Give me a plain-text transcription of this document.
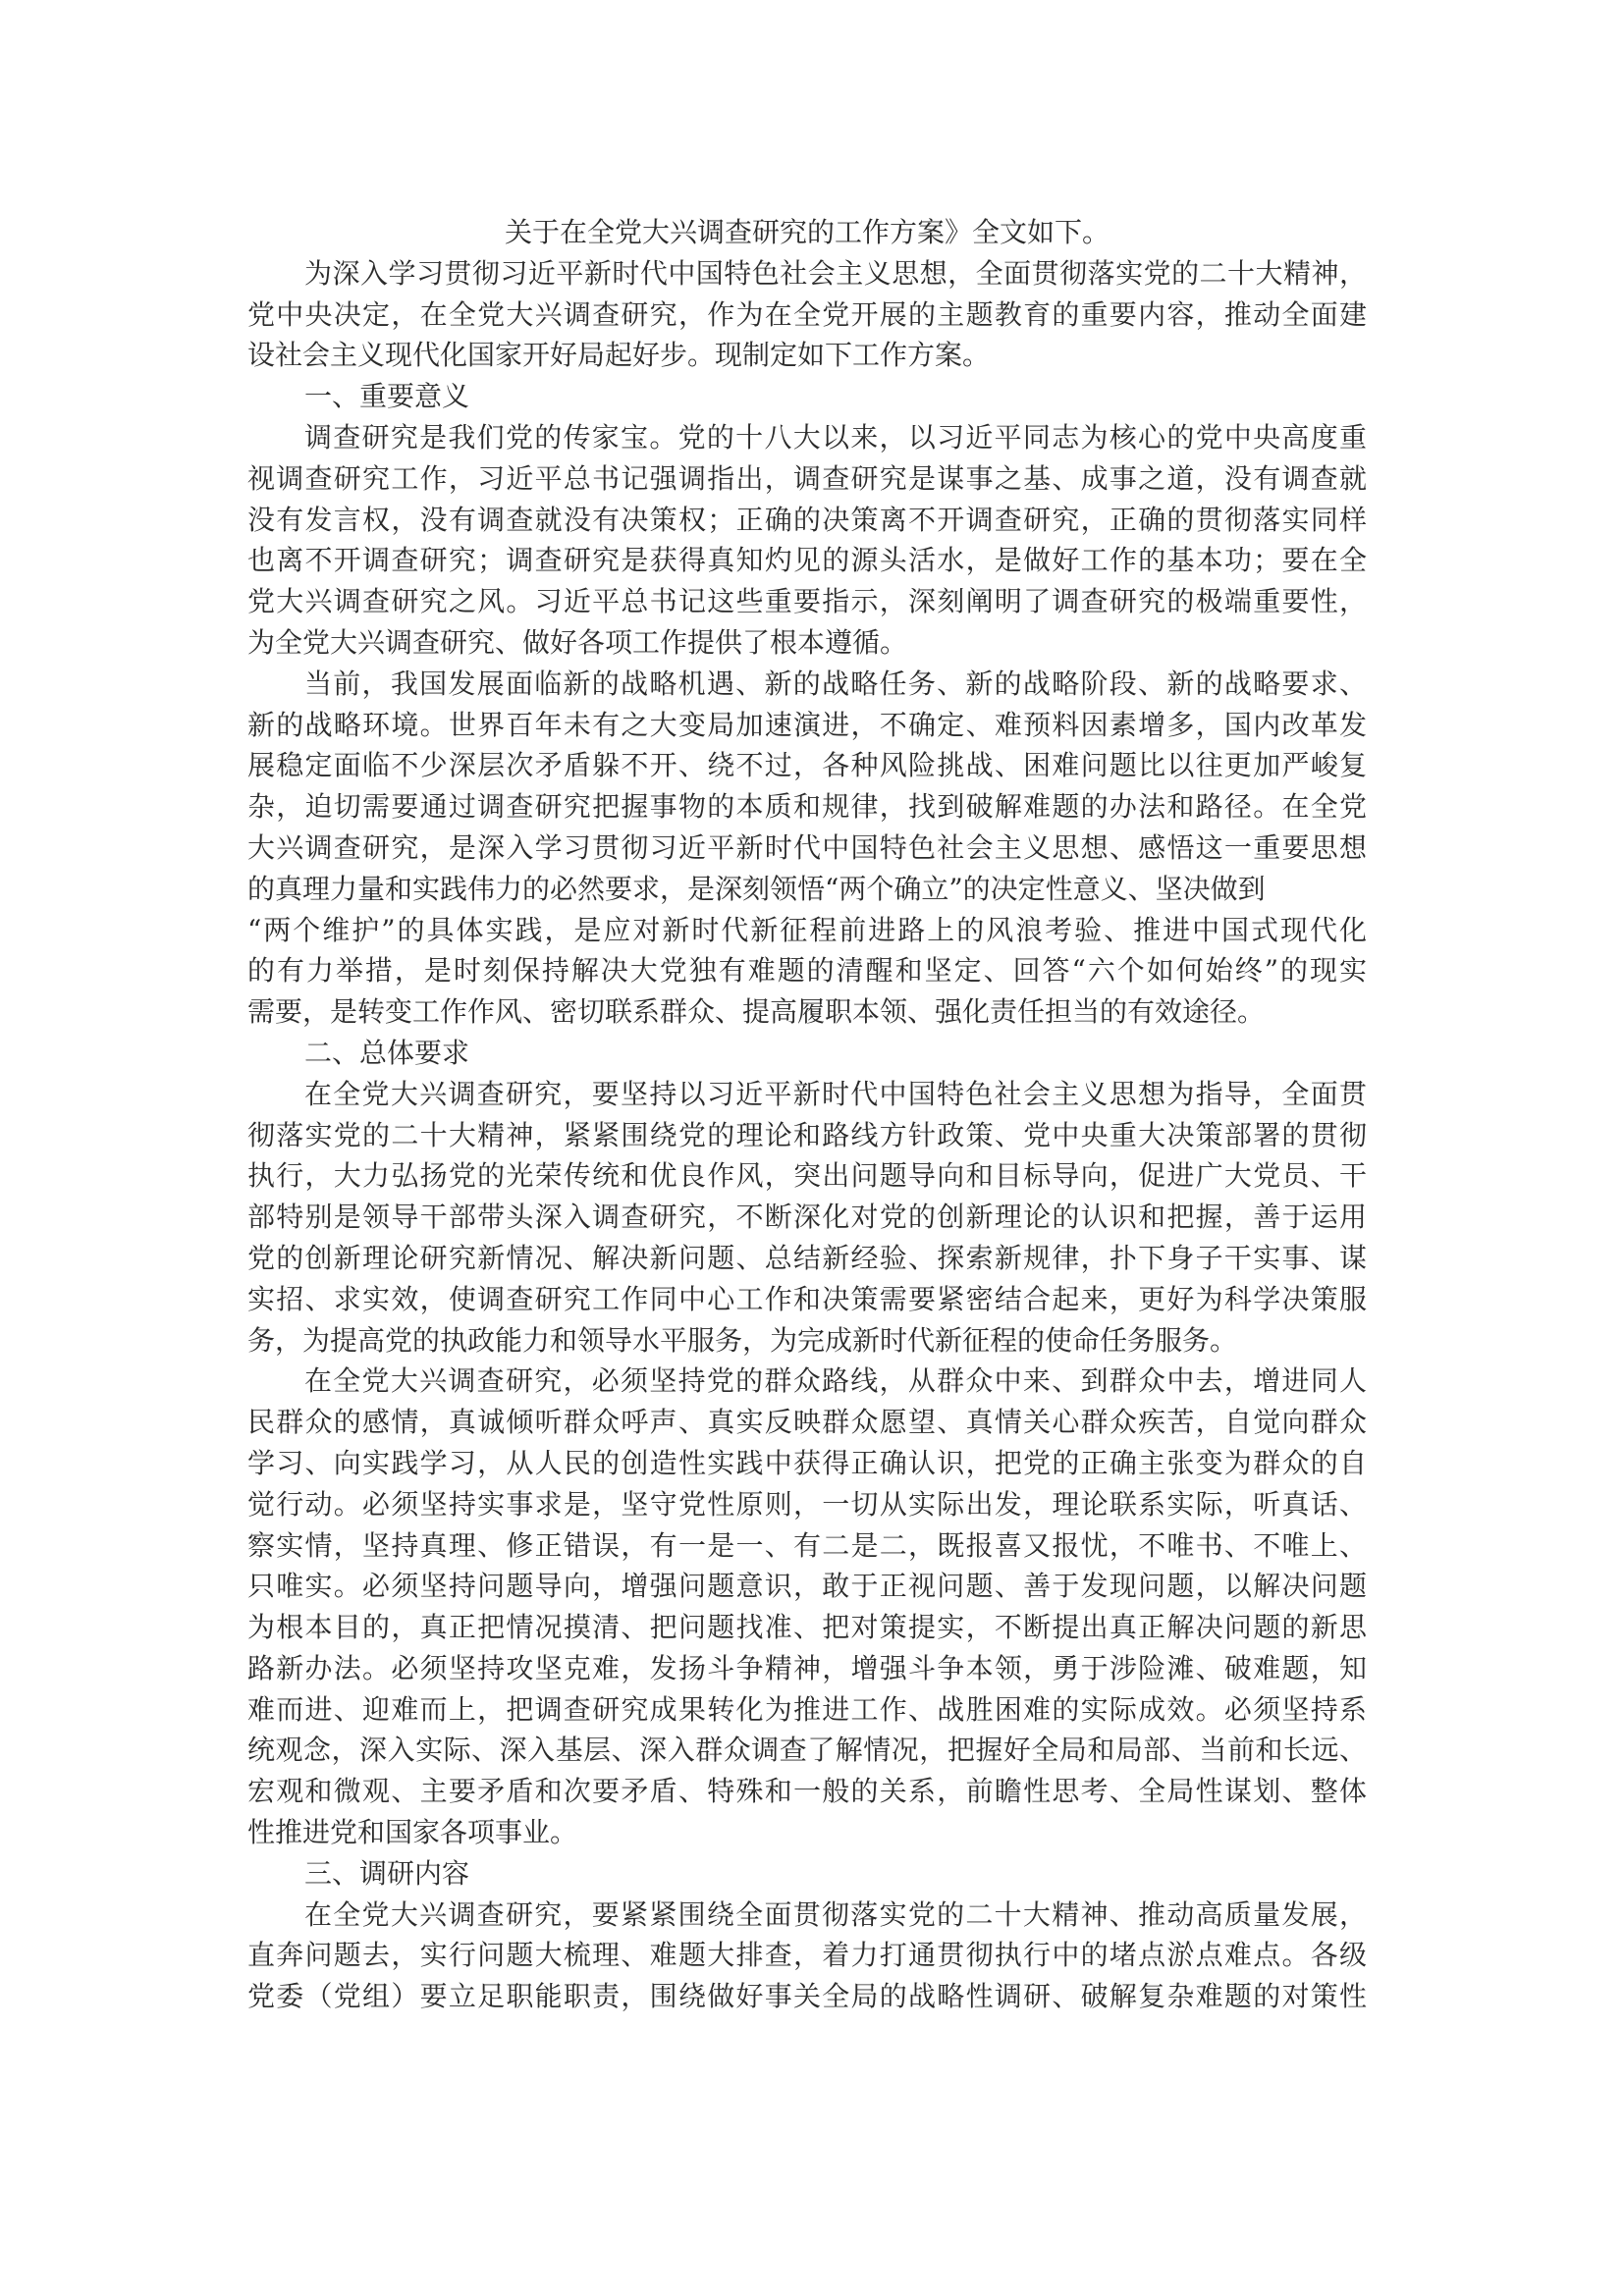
关于在全党大兴调查研究的工作方案》全文如下。
为深入学习贯彻习近平新时代中国特色社会主义思想，全面贯彻落实党的二十大精神，
党中央决定，在全党大兴调查研究，作为在全党开展的主题教育的重要内容，推动全面建
设社会主义现代化国家开好局起好步。现制定如下工作方案。
一、重要意义
调查研究是我们党的传家宝。党的十八大以来，以习近平同志为核心的党中央高度重
视调查研究工作，习近平总书记强调指出，调查研究是谋事之基、成事之道，没有调查就
没有发言权，没有调查就没有决策权；正确的决策离不开调查研究，正确的贯彻落实同样
也离不开调查研究；调查研究是获得真知灼见的源头活水，是做好工作的基本功；要在全
党大兴调查研究之风。习近平总书记这些重要指示，深刻阐明了调查研究的极端重要性，
为全党大兴调查研究、做好各项工作提供了根本遵循。
当前，我国发展面临新的战略机遇、新的战略任务、新的战略阶段、新的战略要求、
新的战略环境。世界百年未有之大变局加速演进，不确定、难预料因素增多，国内改革发
展稳定面临不少深层次矛盾躲不开、绕不过，各种风险挑战、困难问题比以往更加严峻复
杂，迫切需要通过调查研究把握事物的本质和规律，找到破解难题的办法和路径。在全党
大兴调查研究，是深入学习贯彻习近平新时代中国特色社会主义思想、感悟这一重要思想
的真理力量和实践伟力的必然要求，是深刻领悟“两个确立”的决定性意义、坚决做到
“两个维护”的具体实践，是应对新时代新征程前进路上的风浪考验、推进中国式现代化
的有力举措，是时刻保持解决大党独有难题的清醒和坚定、回答“六个如何始终”的现实
需要，是转变工作作风、密切联系群众、提高履职本领、强化责任担当的有效途径。
二、总体要求
在全党大兴调查研究，要坚持以习近平新时代中国特色社会主义思想为指导，全面贯
彻落实党的二十大精神，紧紧围绕党的理论和路线方针政策、党中央重大决策部署的贯彻
执行，大力弘扬党的光荣传统和优良作风，突出问题导向和目标导向，促进广大党员、干
部特别是领导干部带头深入调查研究，不断深化对党的创新理论的认识和把握，善于运用
党的创新理论研究新情况、解决新问题、总结新经验、探索新规律，扑下身子干实事、谋
实招、求实效，使调查研究工作同中心工作和决策需要紧密结合起来，更好为科学决策服
务，为提高党的执政能力和领导水平服务，为完成新时代新征程的使命任务服务。
在全党大兴调查研究，必须坚持党的群众路线，从群众中来、到群众中去，增进同人
民群众的感情，真诚倾听群众呼声、真实反映群众愿望、真情关心群众疾苦，自觉向群众
学习、向实践学习，从人民的创造性实践中获得正确认识，把党的正确主张变为群众的自
觉行动。必须坚持实事求是，坚守党性原则，一切从实际出发，理论联系实际，听真话、
察实情，坚持真理、修正错误，有一是一、有二是二，既报喜又报忧，不唯书、不唯上、
只唯实。必须坚持问题导向，增强问题意识，敢于正视问题、善于发现问题，以解决问题
为根本目的，真正把情况摸清、把问题找准、把对策提实，不断提出真正解决问题的新思
路新办法。必须坚持攻坚克难，发扬斗争精神，增强斗争本领，勇于涉险滩、破难题，知
难而进、迎难而上，把调查研究成果转化为推进工作、战胜困难的实际成效。必须坚持系
统观念，深入实际、深入基层、深入群众调查了解情况，把握好全局和局部、当前和长远、
宏观和微观、主要矛盾和次要矛盾、特殊和一般的关系，前瞻性思考、全局性谋划、整体
性推进党和国家各项事业。
三、调研内容
在全党大兴调查研究，要紧紧围绕全面贯彻落实党的二十大精神、推动高质量发展，
直奔问题去，实行问题大梳理、难题大排查，着力打通贯彻执行中的堵点淤点难点。各级
党委（党组）要立足职能职责，围绕做好事关全局的战略性调研、破解复杂难题的对策性
